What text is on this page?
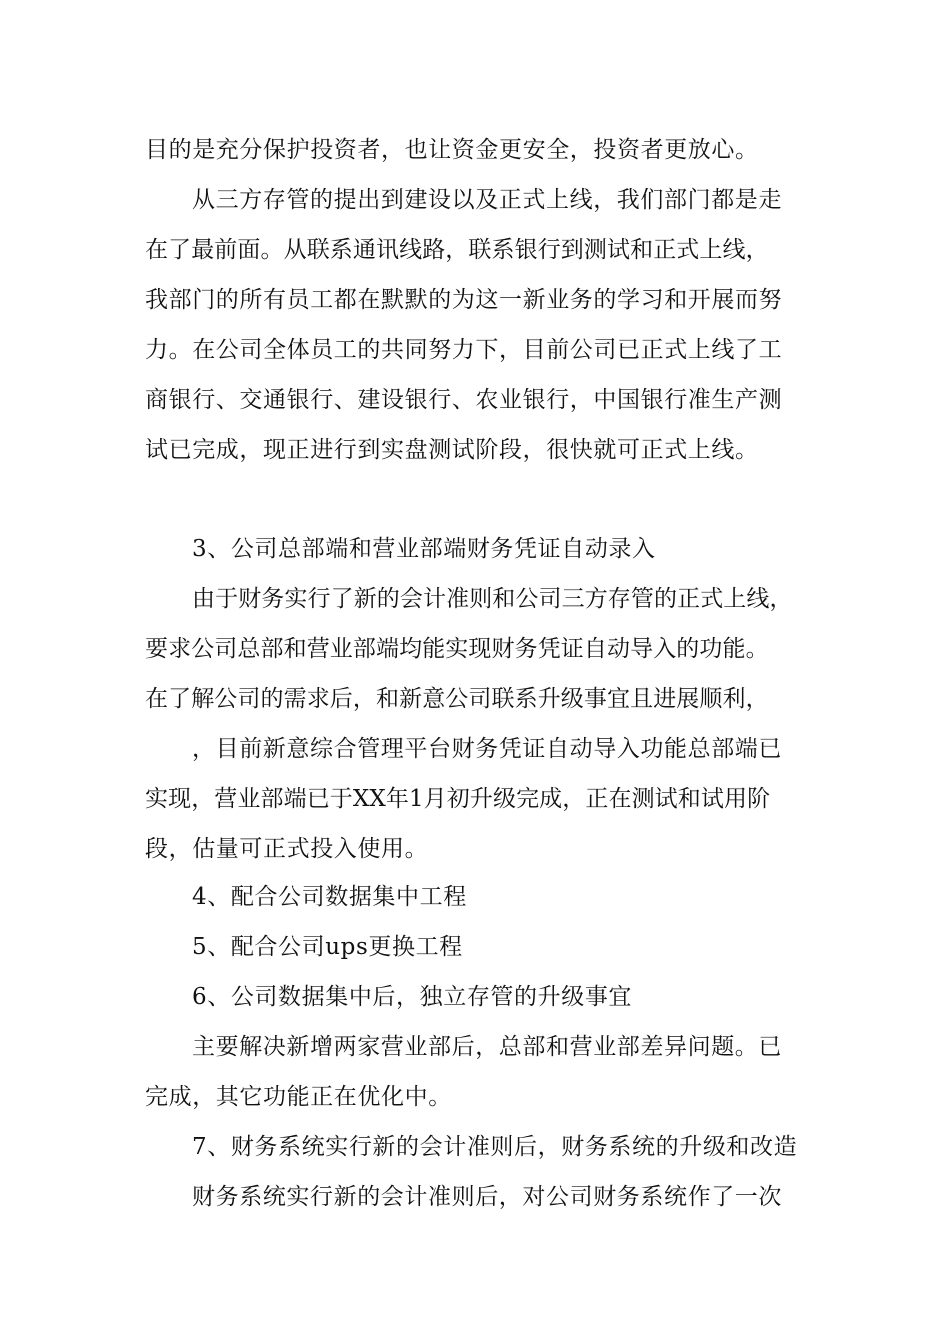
目的是充分保护投资者，也让资金更安全，投资者更放心。
从三方存管的提出到建设以及正式上线，我们部门都是走
在了最前面。从联系通讯线路，联系银行到测试和正式上线，
我部门的所有员工都在默默的为这一新业务的学习和开展而努
力。在公司全体员工的共同努力下，目前公司已正式上线了工
商银行、交通银行、建设银行、农业银行，中国银行准生产测
试已完成，现正进行到实盘测试阶段，很快就可正式上线。
3、公司总部端和营业部端财务凭证自动录入
由于财务实行了新的会计准则和公司三方存管的正式上线，
要求公司总部和营业部端均能实现财务凭证自动导入的功能。
在了解公司的需求后，和新意公司联系升级事宜且进展顺利，
，目前新意综合管理平台财务凭证自动导入功能总部端已
实现，营业部端已于XX年1月初升级完成，正在测试和试用阶
段，估量可正式投入使用。
4、配合公司数据集中工程
5、配合公司ups更换工程
6、公司数据集中后，独立存管的升级事宜
主要解决新增两家营业部后，总部和营业部差异问题。已
完成，其它功能正在优化中。
7、财务系统实行新的会计准则后，财务系统的升级和改造
财务系统实行新的会计准则后，对公司财务系统作了一次
